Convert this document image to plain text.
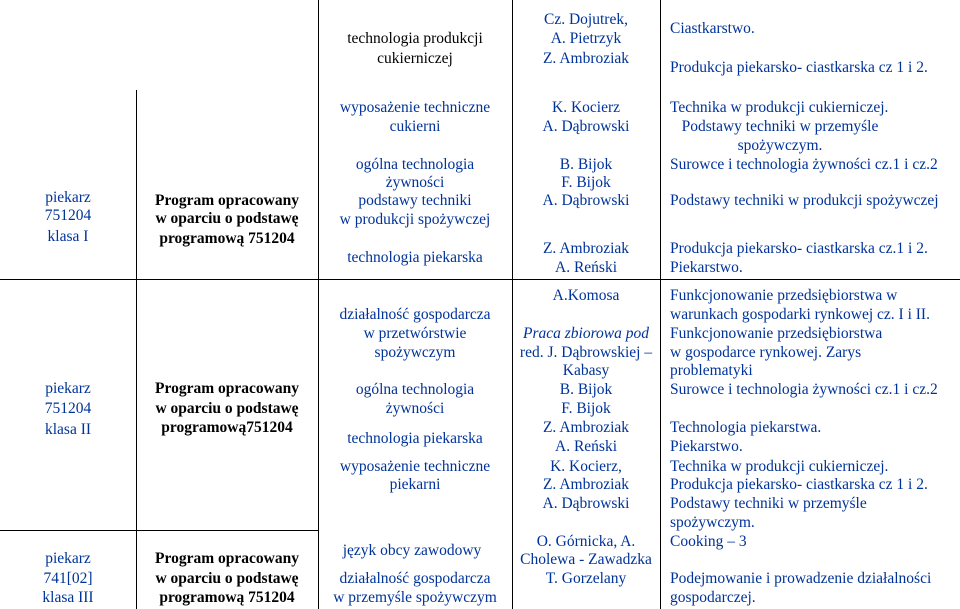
piekarz
751204
klasa I
piekarz
751204
klasa II
piekarz
741[02]
klasa III
Program opracowany
w oparciu o podstawę
programową 751204
Program opracowany
w oparciu o podstawę
programową751204
Program opracowany
w oparciu o podstawę
programową 751204
technologia produkcji
cukierniczej
wyposażenie techniczne
cukierni
ogólna technologia
żywności
podstawy techniki
w produkcji spożywczej
technologia piekarska
działalność gospodarcza
w przetwórstwie
spożywczym
ogólna technologia
żywności
technologia piekarska
wyposażenie techniczne
piekarni
język obcy zawodowy
działalność gospodarcza
w przemyśle spożywczym
Cz. Dojutrek,
A. Pietrzyk
Z. Ambroziak
K. Kocierz
A. Dąbrowski
B. Bijok
F. Bijok
A. Dąbrowski
Z. Ambroziak
A. Reński
A.Komosa
Praca zbiorowa pod
red. J. Dąbrowskiej –
Kabasy
B. Bijok
F. Bijok
Z. Ambroziak
A. Reński
K. Kocierz,
Z. Ambroziak
A. Dąbrowski
O. Górnicka, A.
Cholewa - Zawadzka
T. Gorzelany
Ciastkarstwo.
Produkcja piekarsko- ciastkarska cz 1 i 2.
Technika w produkcji cukierniczej.
Podstawy techniki w przemyśle
spożywczym.
Surowce i technologia żywności cz.1 i cz.2
Podstawy techniki w produkcji spożywczej
Produkcja piekarsko- ciastkarska cz.1 i 2.
Piekarstwo.
Funkcjonowanie przedsiębiorstwa w
warunkach gospodarki rynkowej cz. I i II.
Funkcjonowanie przedsiębiorstwa
w gospodarce rynkowej. Zarys
problematyki
Surowce i technologia żywności cz.1 i cz.2
Technologia piekarstwa.
Piekarstwo.
Technika w produkcji cukierniczej.
Produkcja piekarsko- ciastkarska cz 1 i 2.
Podstawy techniki w przemyśle
spożywczym.
Cooking – 3
Podejmowanie i prowadzenie działalności
gospodarczej.
